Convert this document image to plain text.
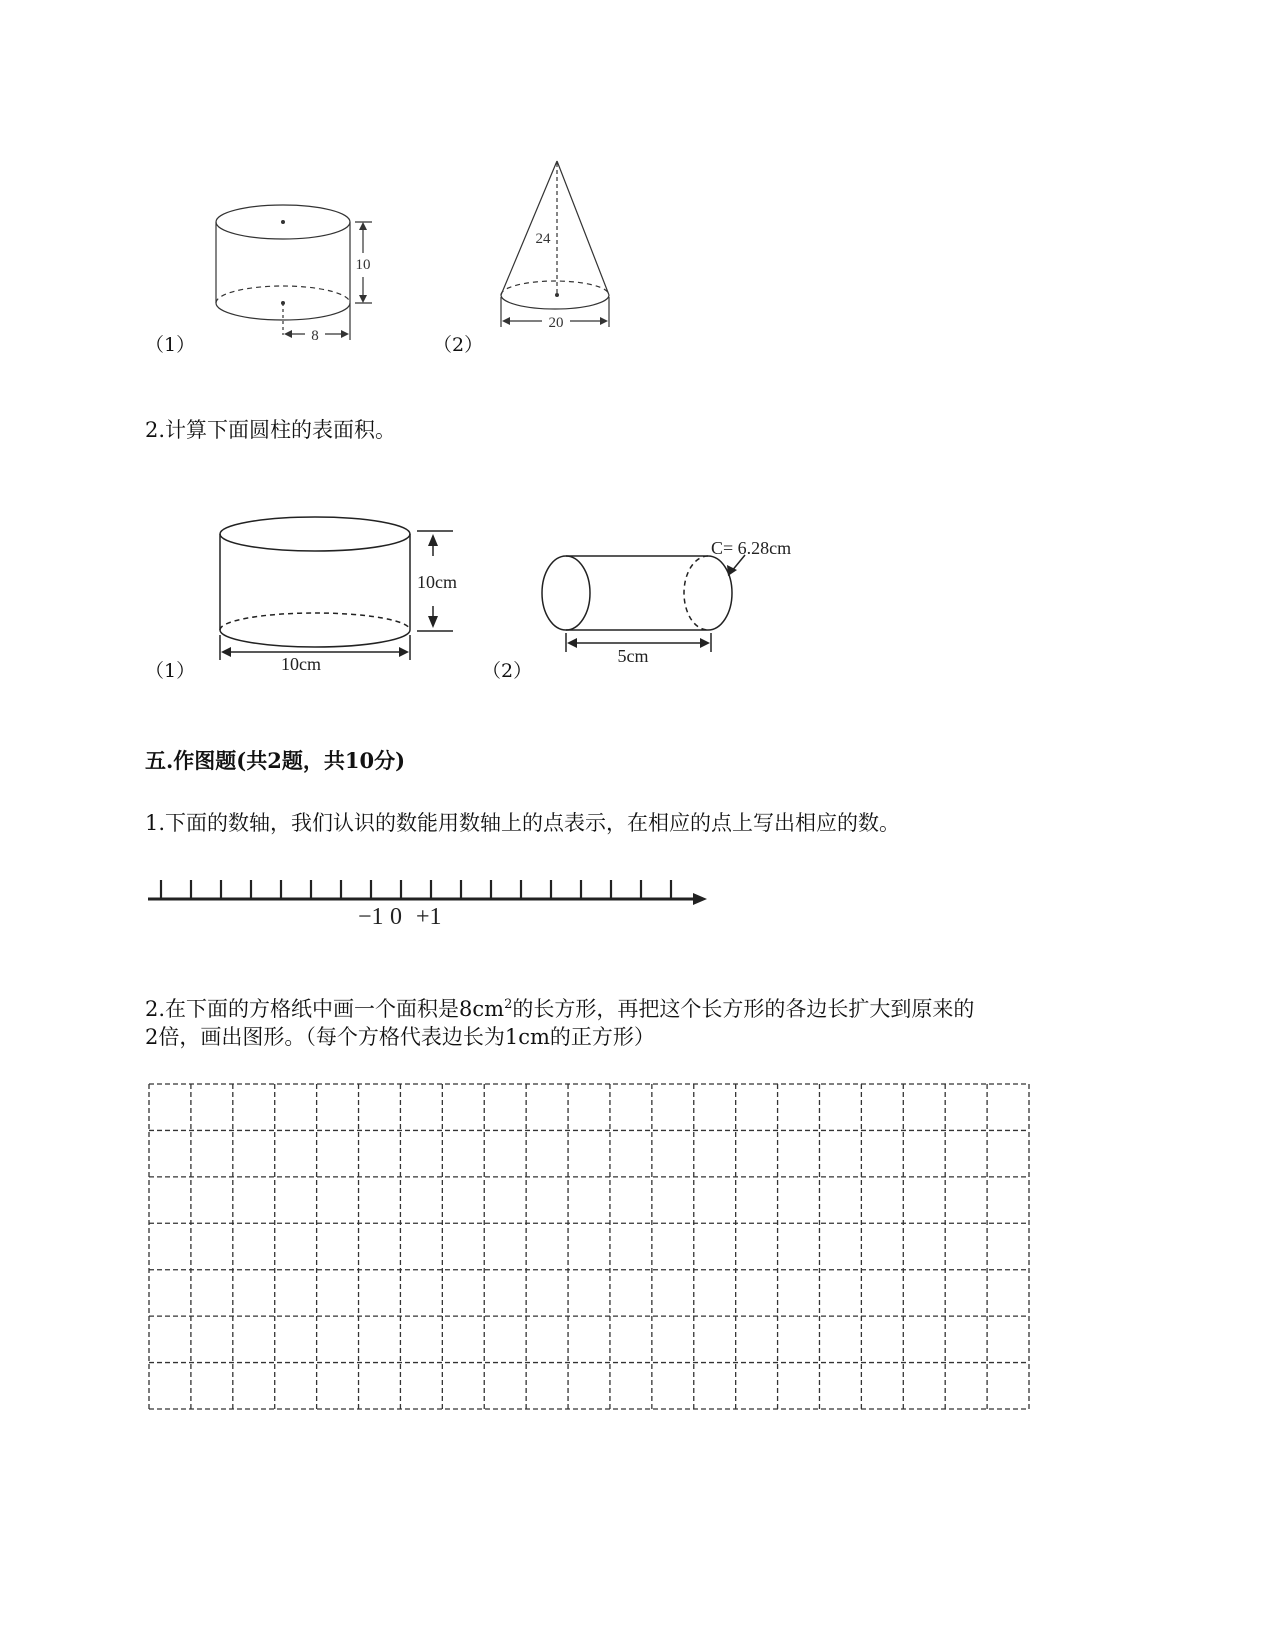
（1）	（2）
10
8
24
20
2.计算下面圆柱的表面积。
（1）	（2）
10cm
10cm
C= 6.28cm
5cm
五.作图题(共2题，共10分)
1.下面的数轴，我们认识的数能用数轴上的点表示，在相应的点上写出相应的数。
−1 0 +1
2.在下面的方格纸中画一个面积是$8cm^2$的长方形，再把这个长方形的各边长扩大到原来的
2倍，画出图形。（每个方格代表边长为1cm的正方形）
